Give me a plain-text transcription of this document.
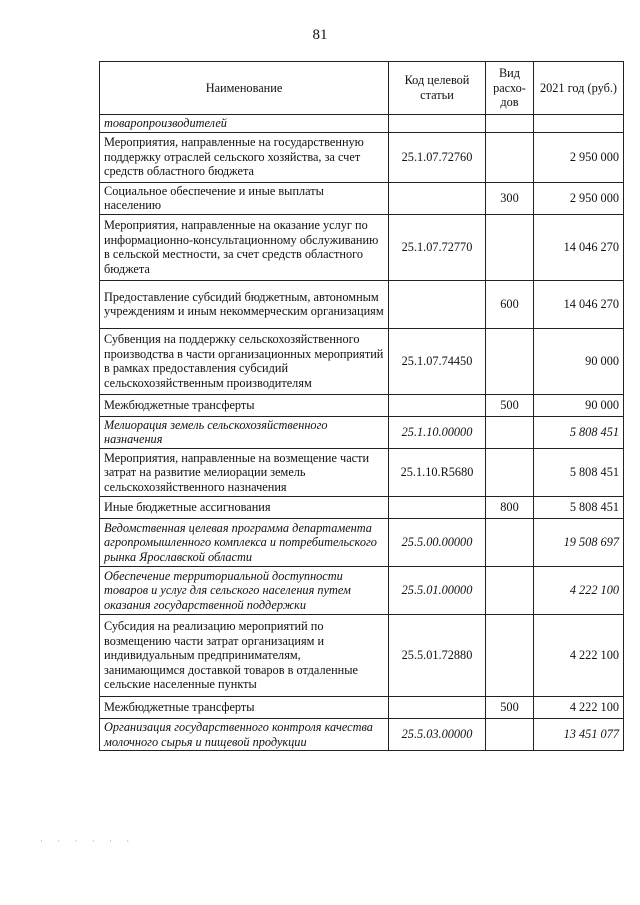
81
Наименование	Код целевой статьи	Вид расхо-дов	2021 год (руб.)
товаропроизводителей			
Мероприятия, направленные на государственную поддержку отраслей сельского хозяйства, за счет средств областного бюджета	25.1.07.72760		2 950 000
Социальное обеспечение и иные выплаты населению		300	2 950 000
Мероприятия, направленные на оказание услуг по информационно-консультационному обслуживанию в сельской местности, за счет средств областного бюджета	25.1.07.72770		14 046 270
Предоставление субсидий бюджетным, автономным учреждениям и иным некоммерческим организациям		600	14 046 270
Субвенция на поддержку сельскохозяйственного производства в части организационных мероприятий в рамках предоставления субсидий сельскохозяйственным производителям	25.1.07.74450		90 000
Межбюджетные трансферты		500	90 000
Мелиорация земель сельскохозяйственного назначения	25.1.10.00000		5 808 451
Мероприятия, направленные на возмещение части затрат на развитие мелиорации земель сельскохозяйственного назначения	25.1.10.R5680		5 808 451
Иные бюджетные ассигнования		800	5 808 451
Ведомственная целевая программа департамента агропромышленного комплекса и потребительского рынка Ярославской области	25.5.00.00000		19 508 697
Обеспечение территориальной доступности товаров и услуг для сельского населения путем оказания государственной поддержки	25.5.01.00000		4 222 100
Субсидия на реализацию мероприятий по возмещению части затрат организациям и индивидуальным предпринимателям, занимающимся доставкой товаров в отдаленные сельские населенные пункты	25.5.01.72880		4 222 100
Межбюджетные трансферты		500	4 222 100
Организация государственного контроля качества молочного сырья и пищевой продукции	25.5.03.00000		13 451 077
· · · · · ·
